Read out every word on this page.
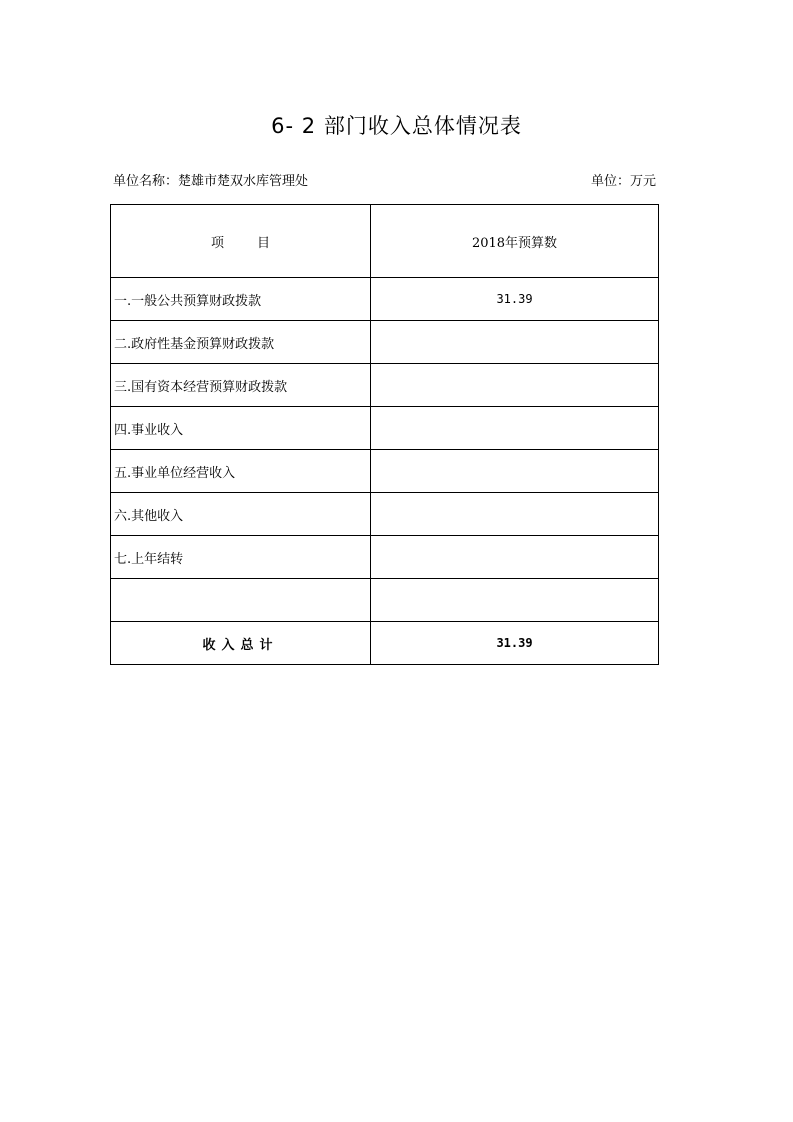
6- 2 部门收入总体情况表
单位名称：楚雄市楚双水库管理处	单位：万元
项        目	2018年预算数
一.一般公共预算财政拨款	31.39
二.政府性基金预算财政拨款	
三.国有资本经营预算财政拨款	
四.事业收入	
五.事业单位经营收入	
六.其他收入	
七.上年结转	

收入总计	31.39
